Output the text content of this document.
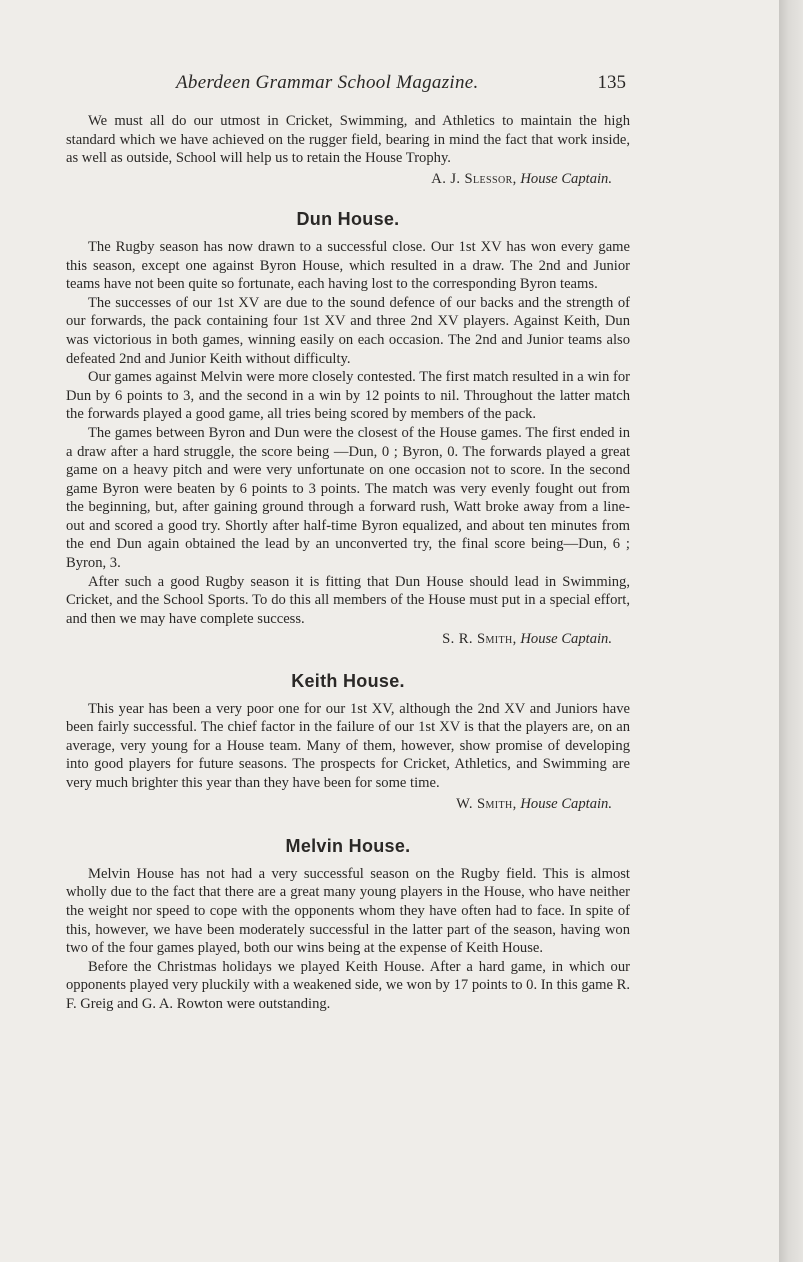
Aberdeen Grammar School Magazine.	135

We must all do our utmost in Cricket, Swimming, and Athletics to maintain the high standard which we have achieved on the rugger field, bearing in mind the fact that work inside, as well as outside, School will help us to retain the House Trophy.

A. J. Slessor, House Captain.
Dun House.

The Rugby season has now drawn to a successful close. Our 1st XV has won every game this season, except one against Byron House, which resulted in a draw. The 2nd and Junior teams have not been quite so fortunate, each having lost to the corresponding Byron teams.

The successes of our 1st XV are due to the sound defence of our backs and the strength of our forwards, the pack containing four 1st XV and three 2nd XV players. Against Keith, Dun was victorious in both games, winning easily on each occasion. The 2nd and Junior teams also defeated 2nd and Junior Keith without difficulty.

Our games against Melvin were more closely contested. The first match resulted in a win for Dun by 6 points to 3, and the second in a win by 12 points to nil. Throughout the latter match the forwards played a good game, all tries being scored by members of the pack.

The games between Byron and Dun were the closest of the House games. The first ended in a draw after a hard struggle, the score being —Dun, 0 ; Byron, 0. The forwards played a great game on a heavy pitch and were very unfortunate on one occasion not to score. In the second game Byron were beaten by 6 points to 3 points. The match was very evenly fought out from the beginning, but, after gaining ground through a forward rush, Watt broke away from a line-out and scored a good try. Shortly after half-time Byron equalized, and about ten minutes from the end Dun again obtained the lead by an unconverted try, the final score being—Dun, 6 ; Byron, 3.

After such a good Rugby season it is fitting that Dun House should lead in Swimming, Cricket, and the School Sports. To do this all members of the House must put in a special effort, and then we may have complete success.

S. R. Smith, House Captain.
Keith House.

This year has been a very poor one for our 1st XV, although the 2nd XV and Juniors have been fairly successful. The chief factor in the failure of our 1st XV is that the players are, on an average, very young for a House team. Many of them, however, show promise of developing into good players for future seasons. The prospects for Cricket, Athletics, and Swimming are very much brighter this year than they have been for some time.

W. Smith, House Captain.
Melvin House.

Melvin House has not had a very successful season on the Rugby field. This is almost wholly due to the fact that there are a great many young players in the House, who have neither the weight nor speed to cope with the opponents whom they have often had to face. In spite of this, however, we have been moderately successful in the latter part of the season, having won two of the four games played, both our wins being at the expense of Keith House.

Before the Christmas holidays we played Keith House. After a hard game, in which our opponents played very pluckily with a weakened side, we won by 17 points to 0. In this game R. F. Greig and G. A. Rowton were outstanding.
